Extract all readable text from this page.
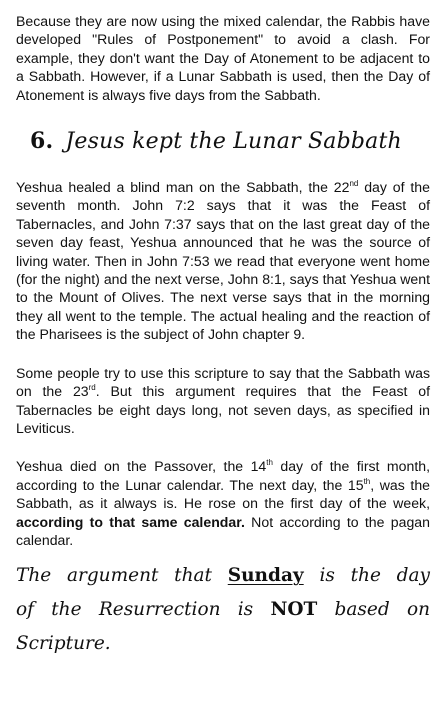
Because they are now using the mixed calendar, the Rabbis have developed "Rules of Postponement" to avoid a clash. For example, they don't want the Day of Atonement to be adjacent to a Sabbath. However, if a Lunar Sabbath is used, then the Day of Atonement is always five days from the Sabbath.

6. Jesus kept the Lunar Sabbath

Yeshua healed a blind man on the Sabbath, the 22nd day of the seventh month. John 7:2 says that it was the Feast of Tabernacles, and John 7:37 says that on the last great day of the seven day feast, Yeshua announced that he was the source of living water. Then in John 7:53 we read that everyone went home (for the night) and the next verse, John 8:1, says that Yeshua went to the Mount of Olives. The next verse says that in the morning they all went to the temple. The actual healing and the reaction of the Pharisees is the subject of John chapter 9.

Some people try to use this scripture to say that the Sabbath was on the 23rd. But this argument requires that the Feast of Tabernacles be eight days long, not seven days, as specified in Leviticus.

Yeshua died on the Passover, the 14th day of the first month, according to the Lunar calendar. The next day, the 15th, was the Sabbath, as it always is. He rose on the first day of the week, according to that same calendar. Not according to the pagan calendar.

The argument that Sunday is the day of the Resurrection is NOT based on Scripture.
